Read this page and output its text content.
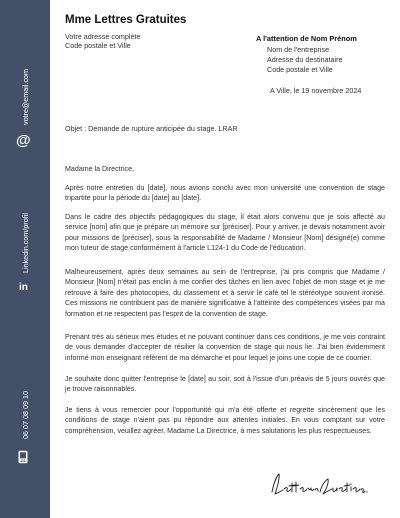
@
votre@email.com
in
Linkedin.com/profil
06 07 08 09 10
Mme Lettres Gratuites
Votre adresse complète
Code postale et Ville
A l'attention de Nom Prénom
Nom de l'entreprise
Adresse du destinataire
Code postale et Ville
A Ville, le 19 novembre 2024
Objet : Demande de rupture anticipée du stage. LRAR

Madame la Directrice,

Après notre entretien du [date], nous avions conclu avec mon université une convention de stage tripartite pour la période du [date] au [date].

Dans le cadre des objectifs pédagogiques du stage, il était alors convenu que je sois affecté au service [nom] afin que je prépare un mémoire sur [préciser]. Pour y arriver, je devais notamment avoir pour missions de [préciser], sous la responsabilité de Madame / Monsieur [Nom] désigné(e) comme mon tuteur de stage conformément à l'article L124-1 du Code de l'éducation.

Malheureusement, après deux semaines au sein de l'entreprise, j'ai pris compris que Madame / Monsieur [Nom] n'était pas enclin à me confier des tâches en lien avec l'objet de mon stage et je me retrouve à faire des photocopies, du classement et à servir le café tel le stéréotype souvent ironisé. Ces missions ne contribuent pas de manière significative à l'atteinte des compétences visées par ma formation et ne respectent pas l'esprit de la convention de stage.

Prenant très au sérieux mes études et ne pouvant continuer dans ces conditions, je me vois contraint de vous demander d'accepter de résilier la convention de stage qui nous lie. J'ai bien évidemment informé mon enseignant référent de ma démarche et pour lequel je joins une copie de ce courrier.

Je souhaite donc quitter l'entreprise le [date] au soir, soit à l'issue d'un préavis de 5 jours ouvrés que je trouve raisonnables.

Je tiens à vous remercier pour l'opportunité qui m'a été offerte et regrette sincèrement que les conditions de stage n'aient pas pu répondre aux attentes initiales. En vous comptant sur votre compréhension, veuillez agréer, Madame La Directrice, à mes salutations les plus respectueuses.
